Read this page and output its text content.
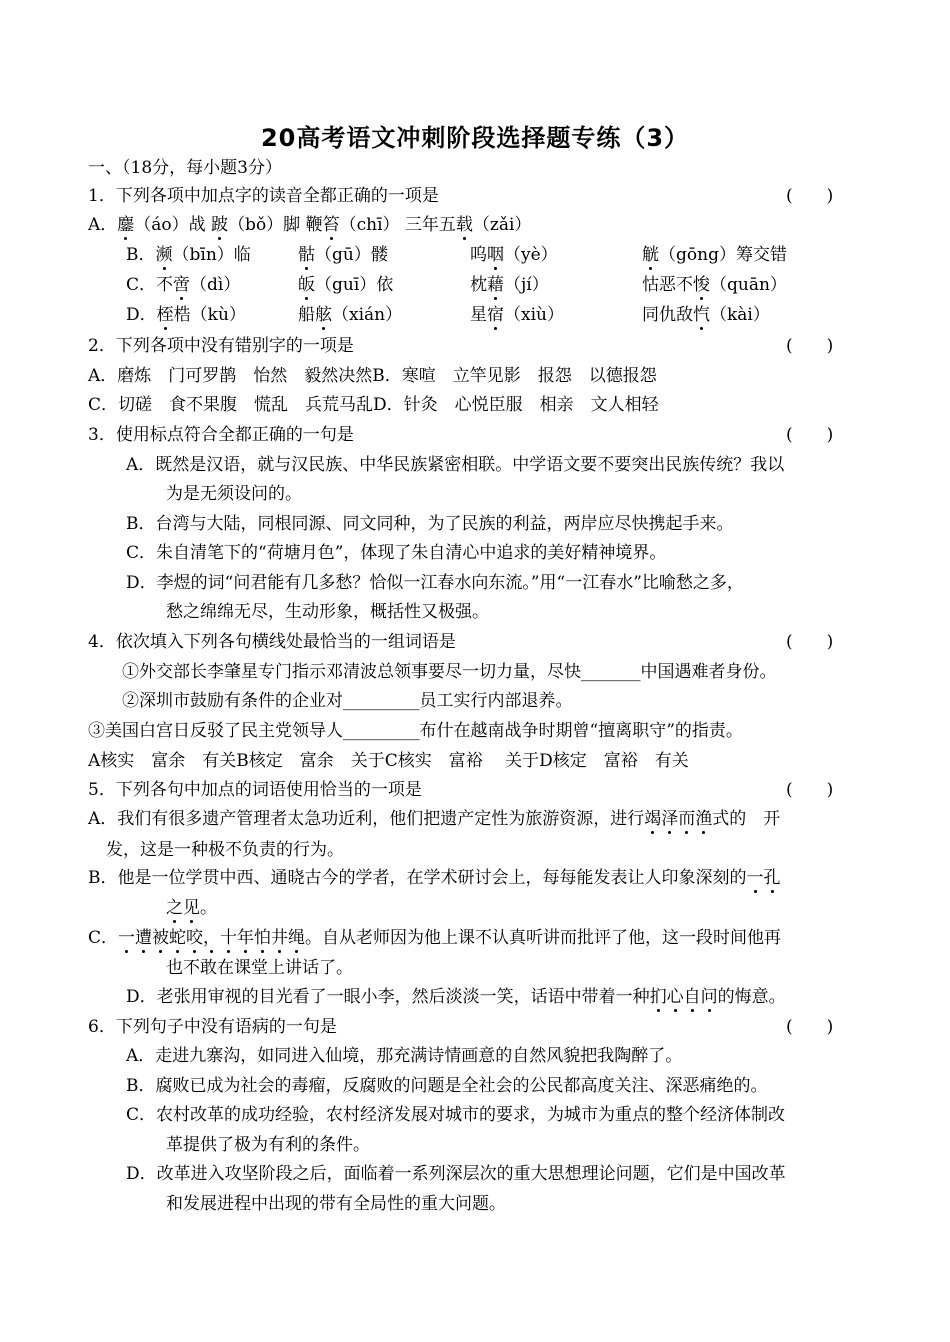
20高考语文冲刺阶段选择题专练（3）
一、（18分，每小题3分）
1．下列各项中加点字的读音全都正确的一项是	(　　)
A．鏖（áo）战 跛（bǒ）脚 鞭笞（chī） 三年五载（zǎi）
B．濒（bīn）临	骷（gū）髅	呜咽（yè）	觥（gōng）筹交错
C．不啻（dì）	皈（guī）依	枕藉（jí）	怙恶不悛（quān）
D．桎梏（kù）	船舷（xián）	星宿（xiù）	同仇敌忾（kài）
2．下列各项中没有错别字的一项是	(　　)
A．磨炼　门可罗鹊　怡然　毅然决然B．寒喧　立竿见影　报怨　以德报怨
C．切磋　食不果腹　慌乱　兵荒马乱D．针灸　心悦臣服　相亲　文人相轻
3．使用标点符合全都正确的一句是	(　　)
A．既然是汉语，就与汉民族、中华民族紧密相联。中学语文要不要突出民族传统？我以
为是无须设问的。
B．台湾与大陆，同根同源、同文同种，为了民族的利益，两岸应尽快携起手来。
C．朱自清笔下的“荷塘月色”，体现了朱自清心中追求的美好精神境界。
D．李煜的词“问君能有几多愁？恰似一江春水向东流。”用“一江春水”比喻愁之多，
愁之绵绵无尽，生动形象，概括性又极强。
4．依次填入下列各句横线处最恰当的一组词语是	(　　)
①外交部长李肇星专门指示邓清波总领事要尽一切力量，尽快_______中国遇难者身份。
②深圳市鼓励有条件的企业对_________员工实行内部退养。
③美国白宫日反驳了民主党领导人_________布什在越南战争时期曾“擅离职守”的指责。
A核实　富余　有关B核定　富余　关于C核实　富裕　 关于D核定　富裕　有关
5．下列各句中加点的词语使用恰当的一项是	(　　)
A．我们有很多遗产管理者太急功近利，他们把遗产定性为旅游资源，进行竭泽而渔式的　开
发，这是一种极不负责的行为。
B．他是一位学贯中西、通晓古今的学者，在学术研讨会上，每每能发表让人印象深刻的一孔
之见。
C．一遭被蛇咬，十年怕井绳。自从老师因为他上课不认真听讲而批评了他，这一段时间他再
也不敢在课堂上讲话了。
D．老张用审视的目光看了一眼小李，然后淡淡一笑，话语中带着一种扪心自问的悔意。
6．下列句子中没有语病的一句是	(　　)
A．走进九寨沟，如同进入仙境，那充满诗情画意的自然风貌把我陶醉了。
B．腐败已成为社会的毒瘤，反腐败的问题是全社会的公民都高度关注、深恶痛绝的。
C．农村改革的成功经验，农村经济发展对城市的要求，为城市为重点的整个经济体制改
革提供了极为有利的条件。
D．改革进入攻坚阶段之后，面临着一系列深层次的重大思想理论问题，它们是中国改革
和发展进程中出现的带有全局性的重大问题。
